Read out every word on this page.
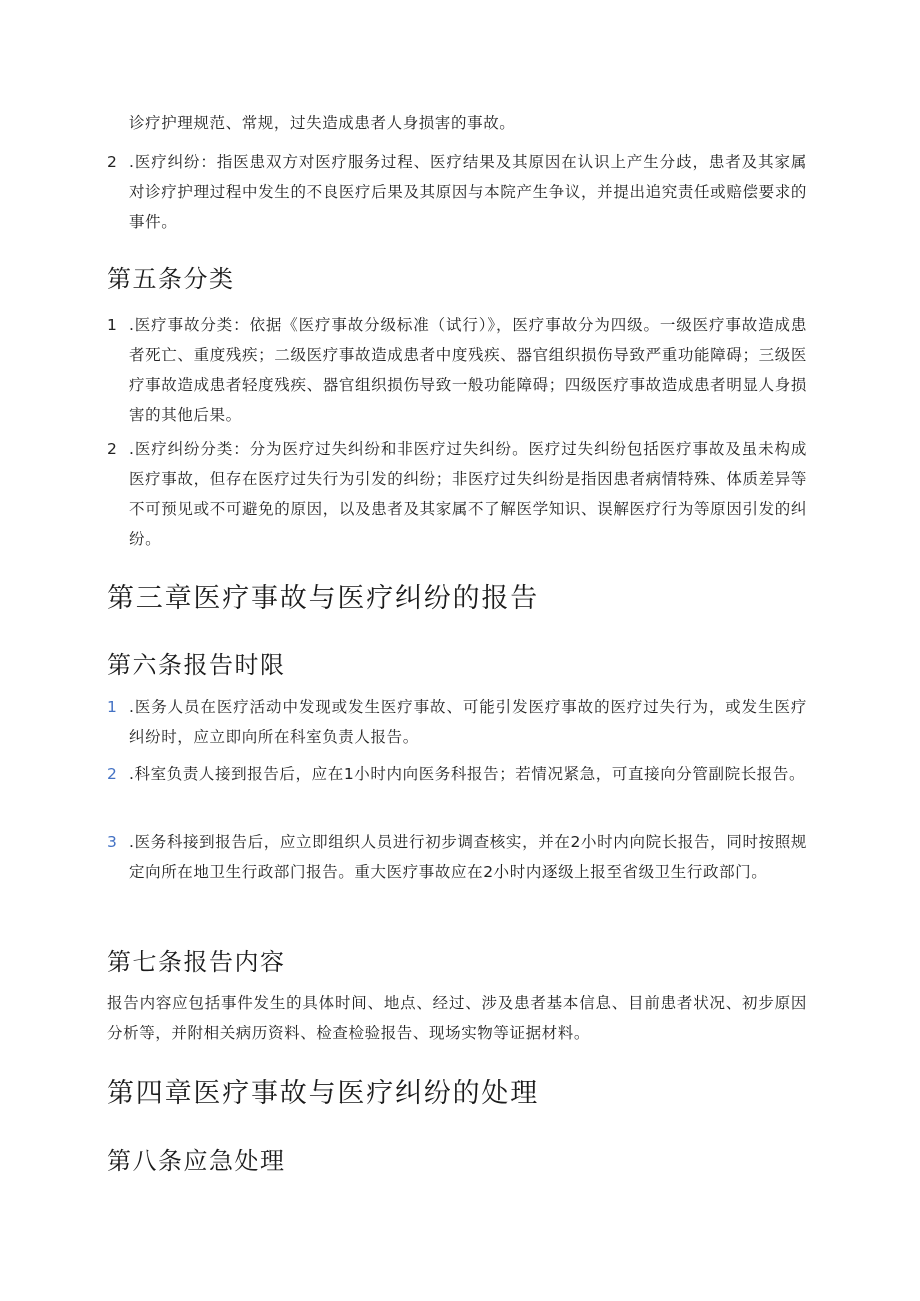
诊疗护理规范、常规，过失造成患者人身损害的事故。

2 .医疗纠纷：指医患双方对医疗服务过程、医疗结果及其原因在认识上产生分歧，患者及其家属对诊疗护理过程中发生的不良医疗后果及其原因与本院产生争议，并提出追究责任或赔偿要求的事件。
第五条分类
1 .医疗事故分类：依据《医疗事故分级标准（试行）》，医疗事故分为四级。一级医疗事故造成患者死亡、重度残疾；二级医疗事故造成患者中度残疾、器官组织损伤导致严重功能障碍；三级医疗事故造成患者轻度残疾、器官组织损伤导致一般功能障碍；四级医疗事故造成患者明显人身损害的其他后果。
2 .医疗纠纷分类：分为医疗过失纠纷和非医疗过失纠纷。医疗过失纠纷包括医疗事故及虽未构成医疗事故，但存在医疗过失行为引发的纠纷；非医疗过失纠纷是指因患者病情特殊、体质差异等不可预见或不可避免的原因，以及患者及其家属不了解医学知识、误解医疗行为等原因引发的纠纷。
第三章医疗事故与医疗纠纷的报告
第六条报告时限
1 .医务人员在医疗活动中发现或发生医疗事故、可能引发医疗事故的医疗过失行为，或发生医疗纠纷时，应立即向所在科室负责人报告。
2 .科室负责人接到报告后，应在1小时内向医务科报告；若情况紧急，可直接向分管副院长报告。
3 .医务科接到报告后，应立即组织人员进行初步调查核实，并在2小时内向院长报告，同时按照规定向所在地卫生行政部门报告。重大医疗事故应在2小时内逐级上报至省级卫生行政部门。
第七条报告内容

报告内容应包括事件发生的具体时间、地点、经过、涉及患者基本信息、目前患者状况、初步原因分析等，并附相关病历资料、检查检验报告、现场实物等证据材料。

第四章医疗事故与医疗纠纷的处理
第八条应急处理
